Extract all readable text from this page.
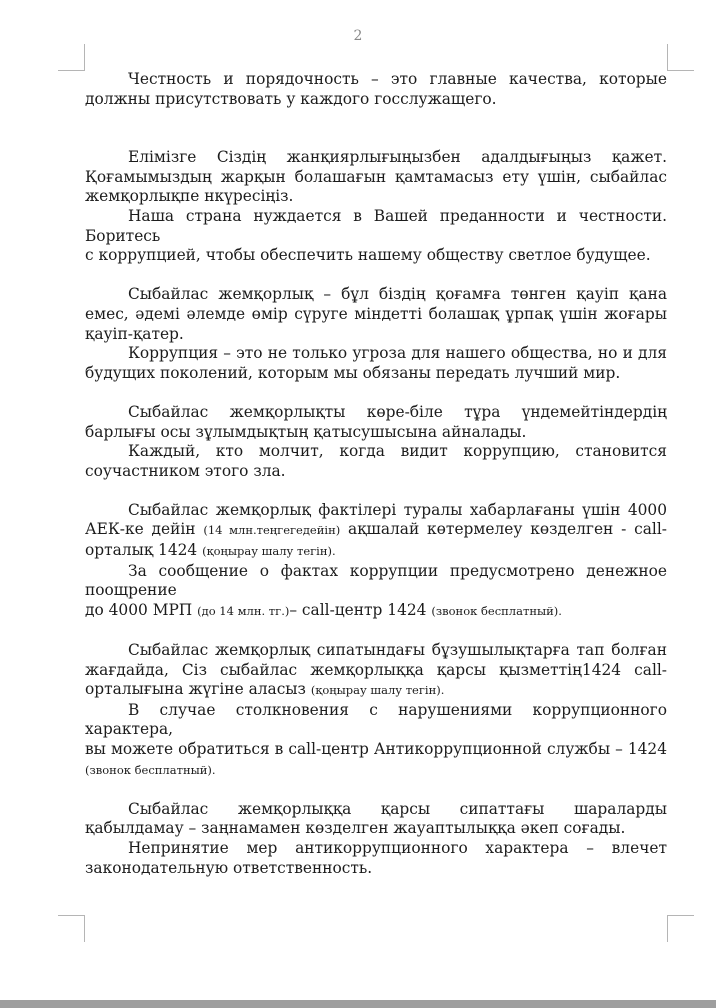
2

Честность и порядочность – это главные качества, которые должны присутствовать у каждого госслужащего.

Елімізге Сіздің жанқиярлығыңызбен адалдығыңыз қажет. Қоғамымыздың жарқын болашағын қамтамасыз ету үшін, сыбайлас жемқорлықпе нкүресіңіз.

Наша страна нуждается в Вашей преданности и честности. Боритесь

с коррупцией, чтобы обеспечить нашему обществу светлое будущее.

Сыбайлас жемқорлық – бұл біздің қоғамға төнген қауіп қана емес, әдемі әлемде өмір сүруге міндетті болашақ ұрпақ үшін жоғары қауіп-қатер.

Коррупция – это не только угроза для нашего общества, но и для будущих поколений, которым мы обязаны передать лучший мир.

Сыбайлас жемқорлықты көре-біле тұра үндемейтіндердің барлығы осы зұлымдықтың қатысушысына айналады.

Каждый, кто молчит, когда видит коррупцию, становится соучастником этого зла.

Сыбайлас жемқорлық фактілері туралы хабарлағаны үшін 4000 АЕК-ке дейін (14 млн.теңгегедейін) ақшалай көтермелеу көзделген - call-орталық 1424 (қоңырау шалу тегін).

За сообщение о фактах коррупции предусмотрено денежное поощрение

до 4000 МРП (до 14 млн. тг.)– call-центр 1424 (звонок бесплатный).

Сыбайлас жемқорлық сипатындағы бұзушылықтарға тап болған жағдайда, Сіз сыбайлас жемқорлыққа қарсы қызметтің1424 call-орталығына жүгіне аласыз (қоңырау шалу тегін).

В случае столкновения с нарушениями коррупционного характера,

вы можете обратиться в call-центр Антикоррупционной службы – 1424 (звонок бесплатный).

Сыбайлас жемқорлыққа қарсы сипаттағы шараларды қабылдамау – заңнамамен көзделген жауаптылыққа әкеп соғады.

Непринятие мер антикоррупционного характера – влечет законодательную ответственность.
